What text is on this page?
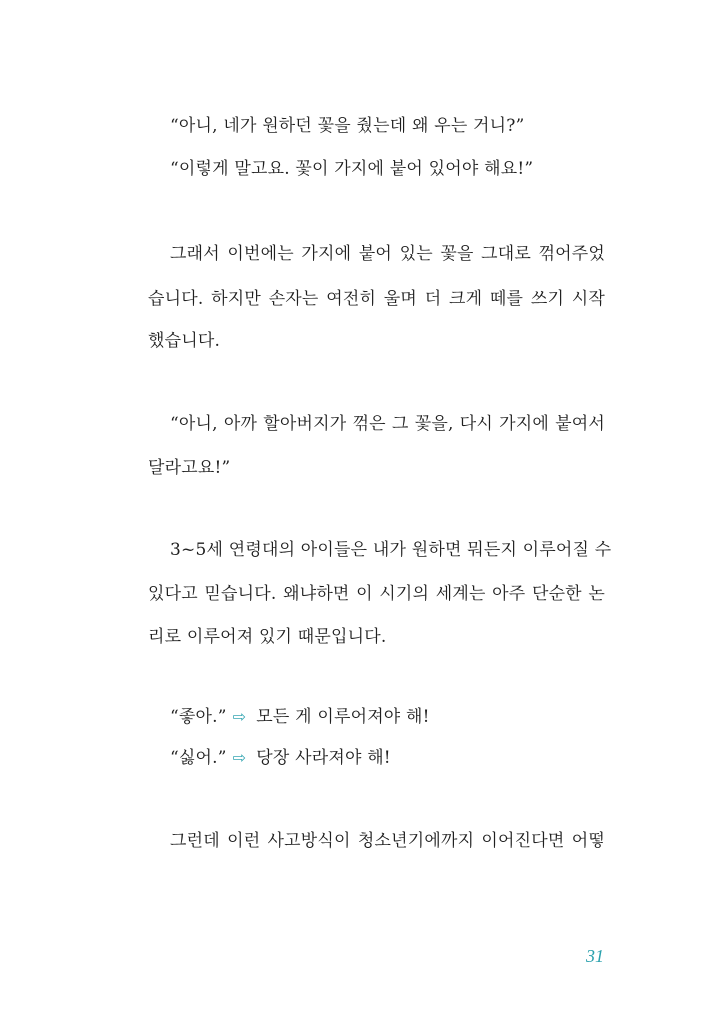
“아니, 네가 원하던 꽃을 줬는데 왜 우는 거니?”
“이렇게 말고요. 꽃이 가지에 붙어 있어야 해요!”
그래서 이번에는 가지에 붙어 있는 꽃을 그대로 꺾어주었
습니다. 하지만 손자는 여전히 울며 더 크게 떼를 쓰기 시작
했습니다.
“아니, 아까 할아버지가 꺾은 그 꽃을, 다시 가지에 붙여서
달라고요!”
3~5세 연령대의 아이들은 내가 원하면 뭐든지 이루어질 수
있다고 믿습니다. 왜냐하면 이 시기의 세계는 아주 단순한 논
리로 이루어져 있기 때문입니다.
“좋아.” ⇨ 모든 게 이루어져야 해!
“싫어.” ⇨ 당장 사라져야 해!
그런데 이런 사고방식이 청소년기에까지 이어진다면 어떻
31
